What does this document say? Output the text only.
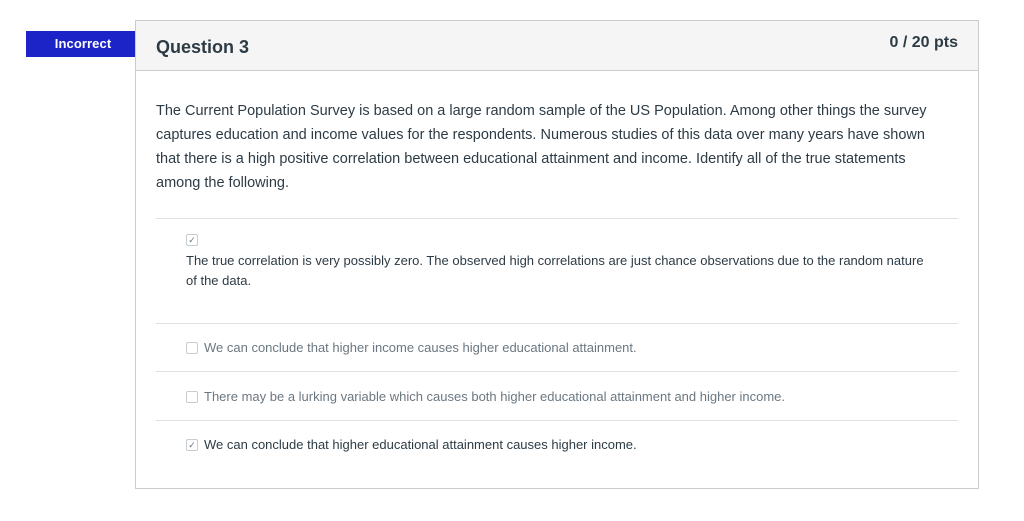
Incorrect	Question 3	0 / 20 pts
The Current Population Survey is based on a large random sample of the US Population. Among other things the survey captures education and income values for the respondents. Numerous studies of this data over many years have shown that there is a high positive correlation between educational attainment and income. Identify all of the true statements among the following.
✓
The true correlation is very possibly zero. The observed high correlations are just chance observations due to the random nature of the data.
We can conclude that higher income causes higher educational attainment.
There may be a lurking variable which causes both higher educational attainment and higher income.
✓ We can conclude that higher educational attainment causes higher income.
